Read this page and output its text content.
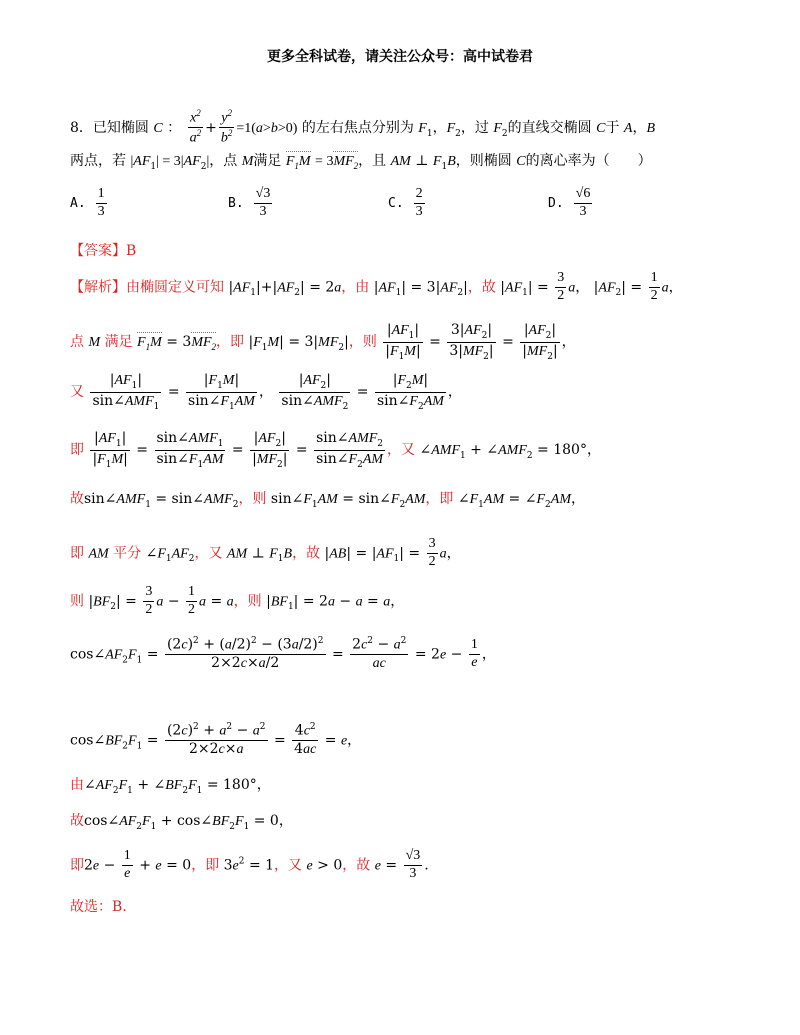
更多全科试卷，请关注公众号：高中试卷君
8．已知椭圆 C ： $\frac{x^2}{a^2} + \frac{y^2}{b^2} =1(a>b>0)$ 的左右焦点分别为 $F_1$，$F_2$，过 $F_2$的直线交椭圆 C于 A，B
两点，若 $|AF_1| = 3|AF_2|$，点 M满足 $F_1M = 3MF_2$，且 AM ⊥ $F_1B$，则椭圆 C的离心率为（　　）
A. $\frac{1}{3}$	B. $\frac{√3}{3}$	C. $\frac{2}{3}$	D. $\frac{√6}{3}$
【答案】B
【解析】由椭圆定义可知 $|AF_1|+|AF_2| = 2a$，由 $|AF_1| = 3|AF_2|$，故 $|AF_1| = \frac{3}{2}$ a， $|AF_2| = \frac{1}{2}$ a，
点 M 满足 $F_1M = 3MF_2$，即 $|F_1M| = 3|MF_2|$，则 $\frac{|AF_1|}{|F_1M|} = \frac{3|AF_2|}{3|MF_2|} = \frac{|AF_2|}{|MF_2|}$ ，
又 $\frac{|AF_1|}{\sin\angle AMF_1} = \frac{|F_1M|}{\sin\angle F_1AM}$ ， $\frac{|AF_2|}{\sin\angle AMF_2} = \frac{|F_2M|}{\sin\angle F_2AM}$ ，
即 $\frac{|AF_1|}{|F_1M|} = \frac{\sin\angle AMF_1}{\sin\angle F_1AM} = \frac{|AF_2|}{|MF_2|} = \frac{\sin\angle AMF_2}{\sin\angle F_2AM}$ ，又 $\angle AMF_1$ + $\angle AMF_2 = 180^\circ$，
故$\sin\angle AMF_1$ = $\sin\angle AMF_2$，则 $\sin\angle F_1AM$ = $\sin\angle F_2AM$，即 $\angle F_1AM$ = $\angle F_2AM$，
即 AM 平分 $\angle F_1AF_2$，又 AM ⊥ $F_1B$，故 $|AB| = |AF_1| = \frac{3}{2}$ a，
则 $|BF_2| = \frac{3}{2}$ $a - \frac{1}{2}$ a = a，则 $|BF_1| = 2a - a = a$，
$\cos\angle AF_2F_1 = \frac{(2c)^2 + (a/2)^2 - (3a/2)^2}{2\times 2c\times a/2} = \frac{2c^2 - a^2}{ac} = 2e - \frac{1}{e}$ ，
$\cos\angle BF_2F_1 = \frac{(2c)^2 + a^2 - a^2}{2\times 2c\times a} = \frac{4c^2}{4ac} = e$，
由$\angle AF_2F_1$ + $\angle BF_2F_1 = 180^\circ$，
故$\cos\angle AF_2F_1$ + $\cos\angle BF_2F_1 = 0$，
即$2e - \frac{1}{e} + e = 0$，即 $3e^2 = 1$，又 e > 0，故 $e = \frac{√3}{3}$ .
故选：B.
